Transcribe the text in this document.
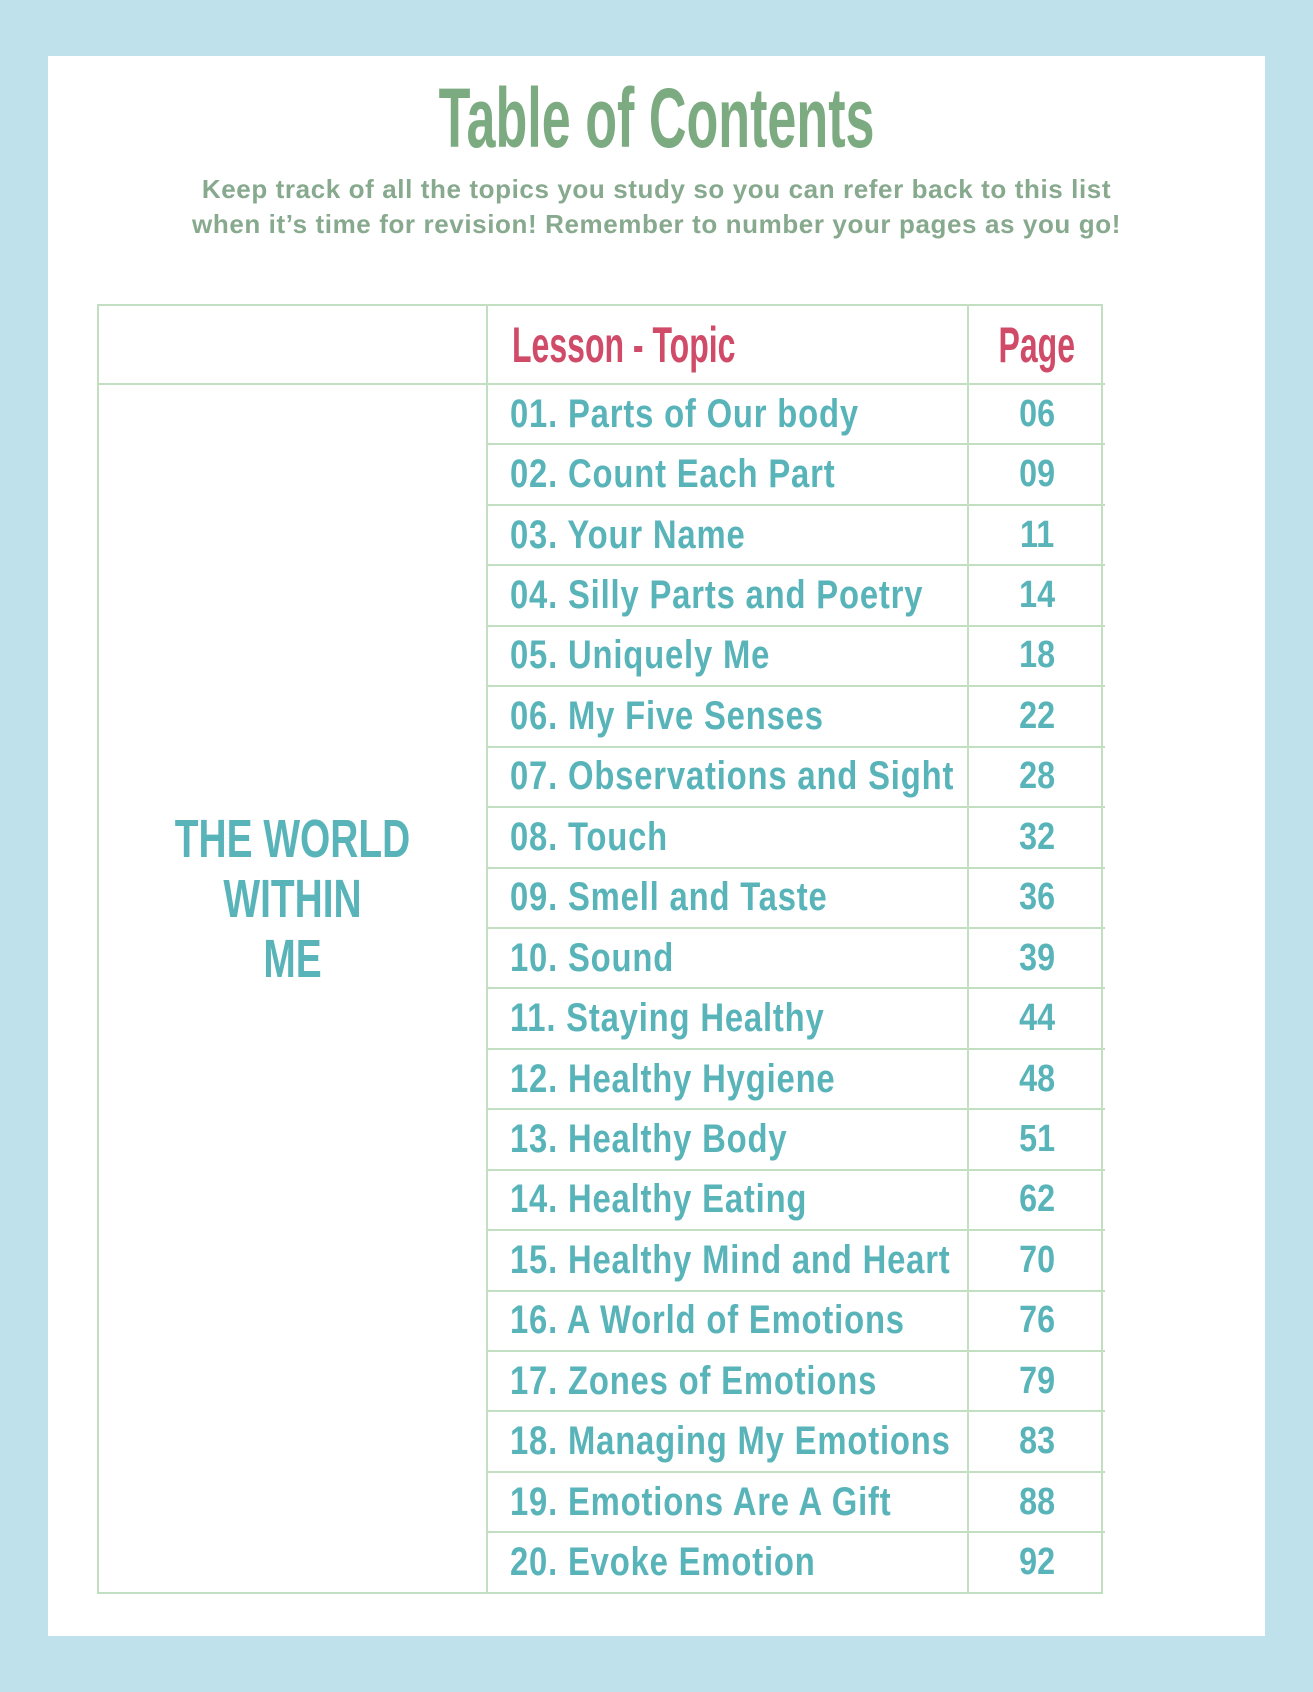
Table of Contents
Keep track of all the topics you study so you can refer back to this list
when it’s time for revision! Remember to number your pages as you go!
Lesson - Topic	Page
THE WORLD
WITHIN
ME
01. Parts of Our body	06
02. Count Each Part	09
03. Your Name	11
04. Silly Parts and Poetry	14
05. Uniquely Me	18
06. My Five Senses	22
07. Observations and Sight 28
08. Touch	32
09. Smell and Taste	36
10. Sound	39
11. Staying Healthy	44
12. Healthy Hygiene	48
13. Healthy Body	51
14. Healthy Eating	62
15. Healthy Mind and Heart 70
16. A World of Emotions	76
17. Zones of Emotions	79
18. Managing My Emotions 83
19. Emotions Are A Gift	88
20. Evoke Emotion	92
